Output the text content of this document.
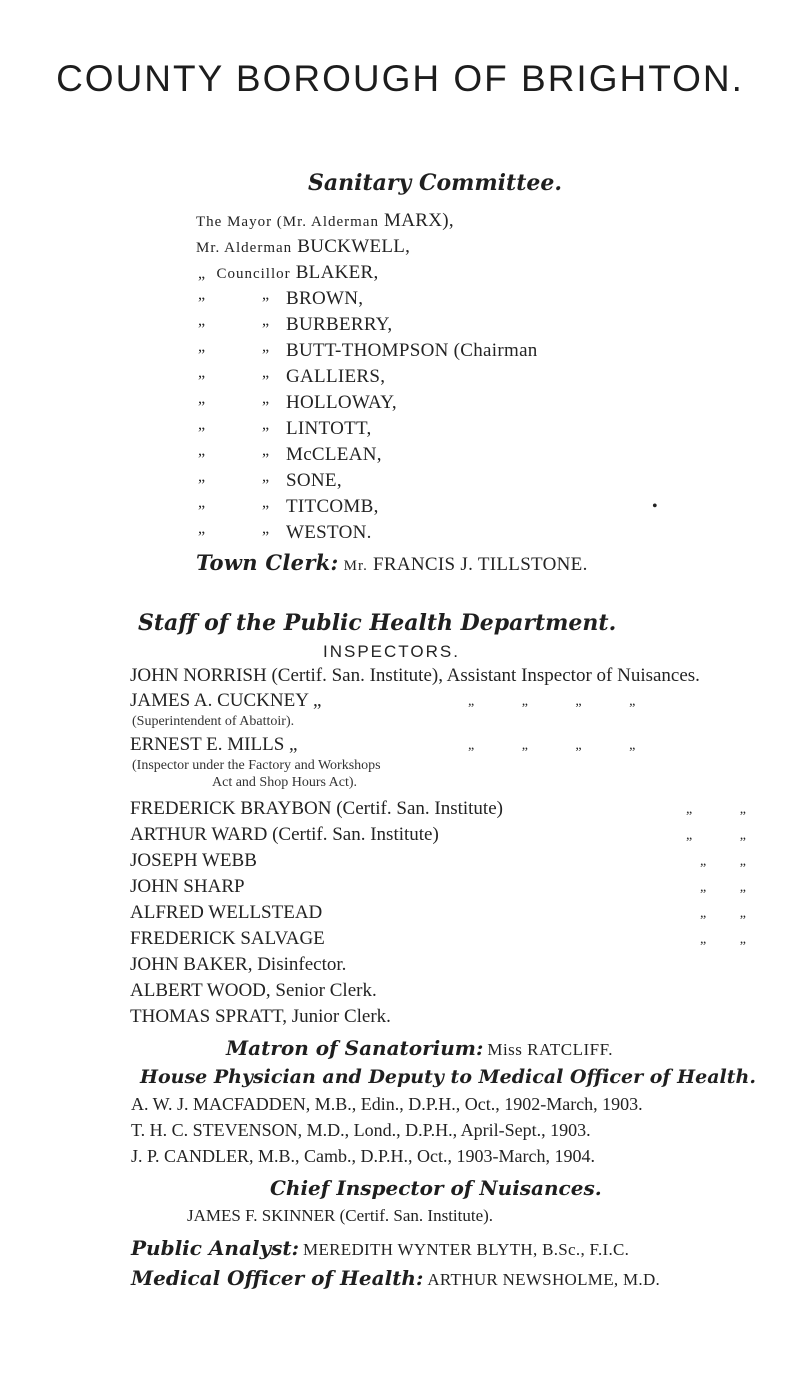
COUNTY BOROUGH OF BRIGHTON.
Sanitary Committee.
The Mayor (Mr. Alderman MARX),
Mr. Alderman BUCKWELL,
„ Councillor BLAKER,
„	„ BROWN,
„	„ BURBERRY,
„	„ BUTT-THOMPSON (Chairman
„	„ GALLIERS,
„	„ HOLLOWAY,
„	„ LINTOTT,
„	„ McCLEAN,
„	„ SONE,
„	„ TITCOMB,	•
„	„ WESTON.
Town Clerk: Mr. FRANCIS J. TILLSTONE.
Staff of the Public Health Department.
INSPECTORS.
JOHN NORRISH (Certif. San. Institute), Assistant Inspector of Nuisances.
JAMES A. CUCKNEY „	„ „ „ „
(Superintendent of Abattoir).
ERNEST E. MILLS „	„ „ „ „
(Inspector under the Factory and Workshops
Act and Shop Hours Act).
FREDERICK BRAYBON (Certif. San. Institute)	„ „
ARTHUR WARD (Certif. San. Institute)	„ „
JOSEPH WEBB	„ „
JOHN SHARP	„ „
ALFRED WELLSTEAD	„ „
FREDERICK SALVAGE	„ „
JOHN BAKER, Disinfector.
ALBERT WOOD, Senior Clerk.
THOMAS SPRATT, Junior Clerk.
Matron of Sanatorium: Miss RATCLIFF.
House Physician and Deputy to Medical Officer of Health.
A. W. J. MACFADDEN, M.B., Edin., D.P.H., Oct., 1902-March, 1903.
T. H. C. STEVENSON, M.D., Lond., D.P.H., April-Sept., 1903.
J. P. CANDLER, M.B., Camb., D.P.H., Oct., 1903-March, 1904.
Chief Inspector of Nuisances.
JAMES F. SKINNER (Certif. San. Institute).
Public Analyst: MEREDITH WYNTER BLYTH, B.Sc., F.I.C.
Medical Officer of Health: ARTHUR NEWSHOLME, M.D.
